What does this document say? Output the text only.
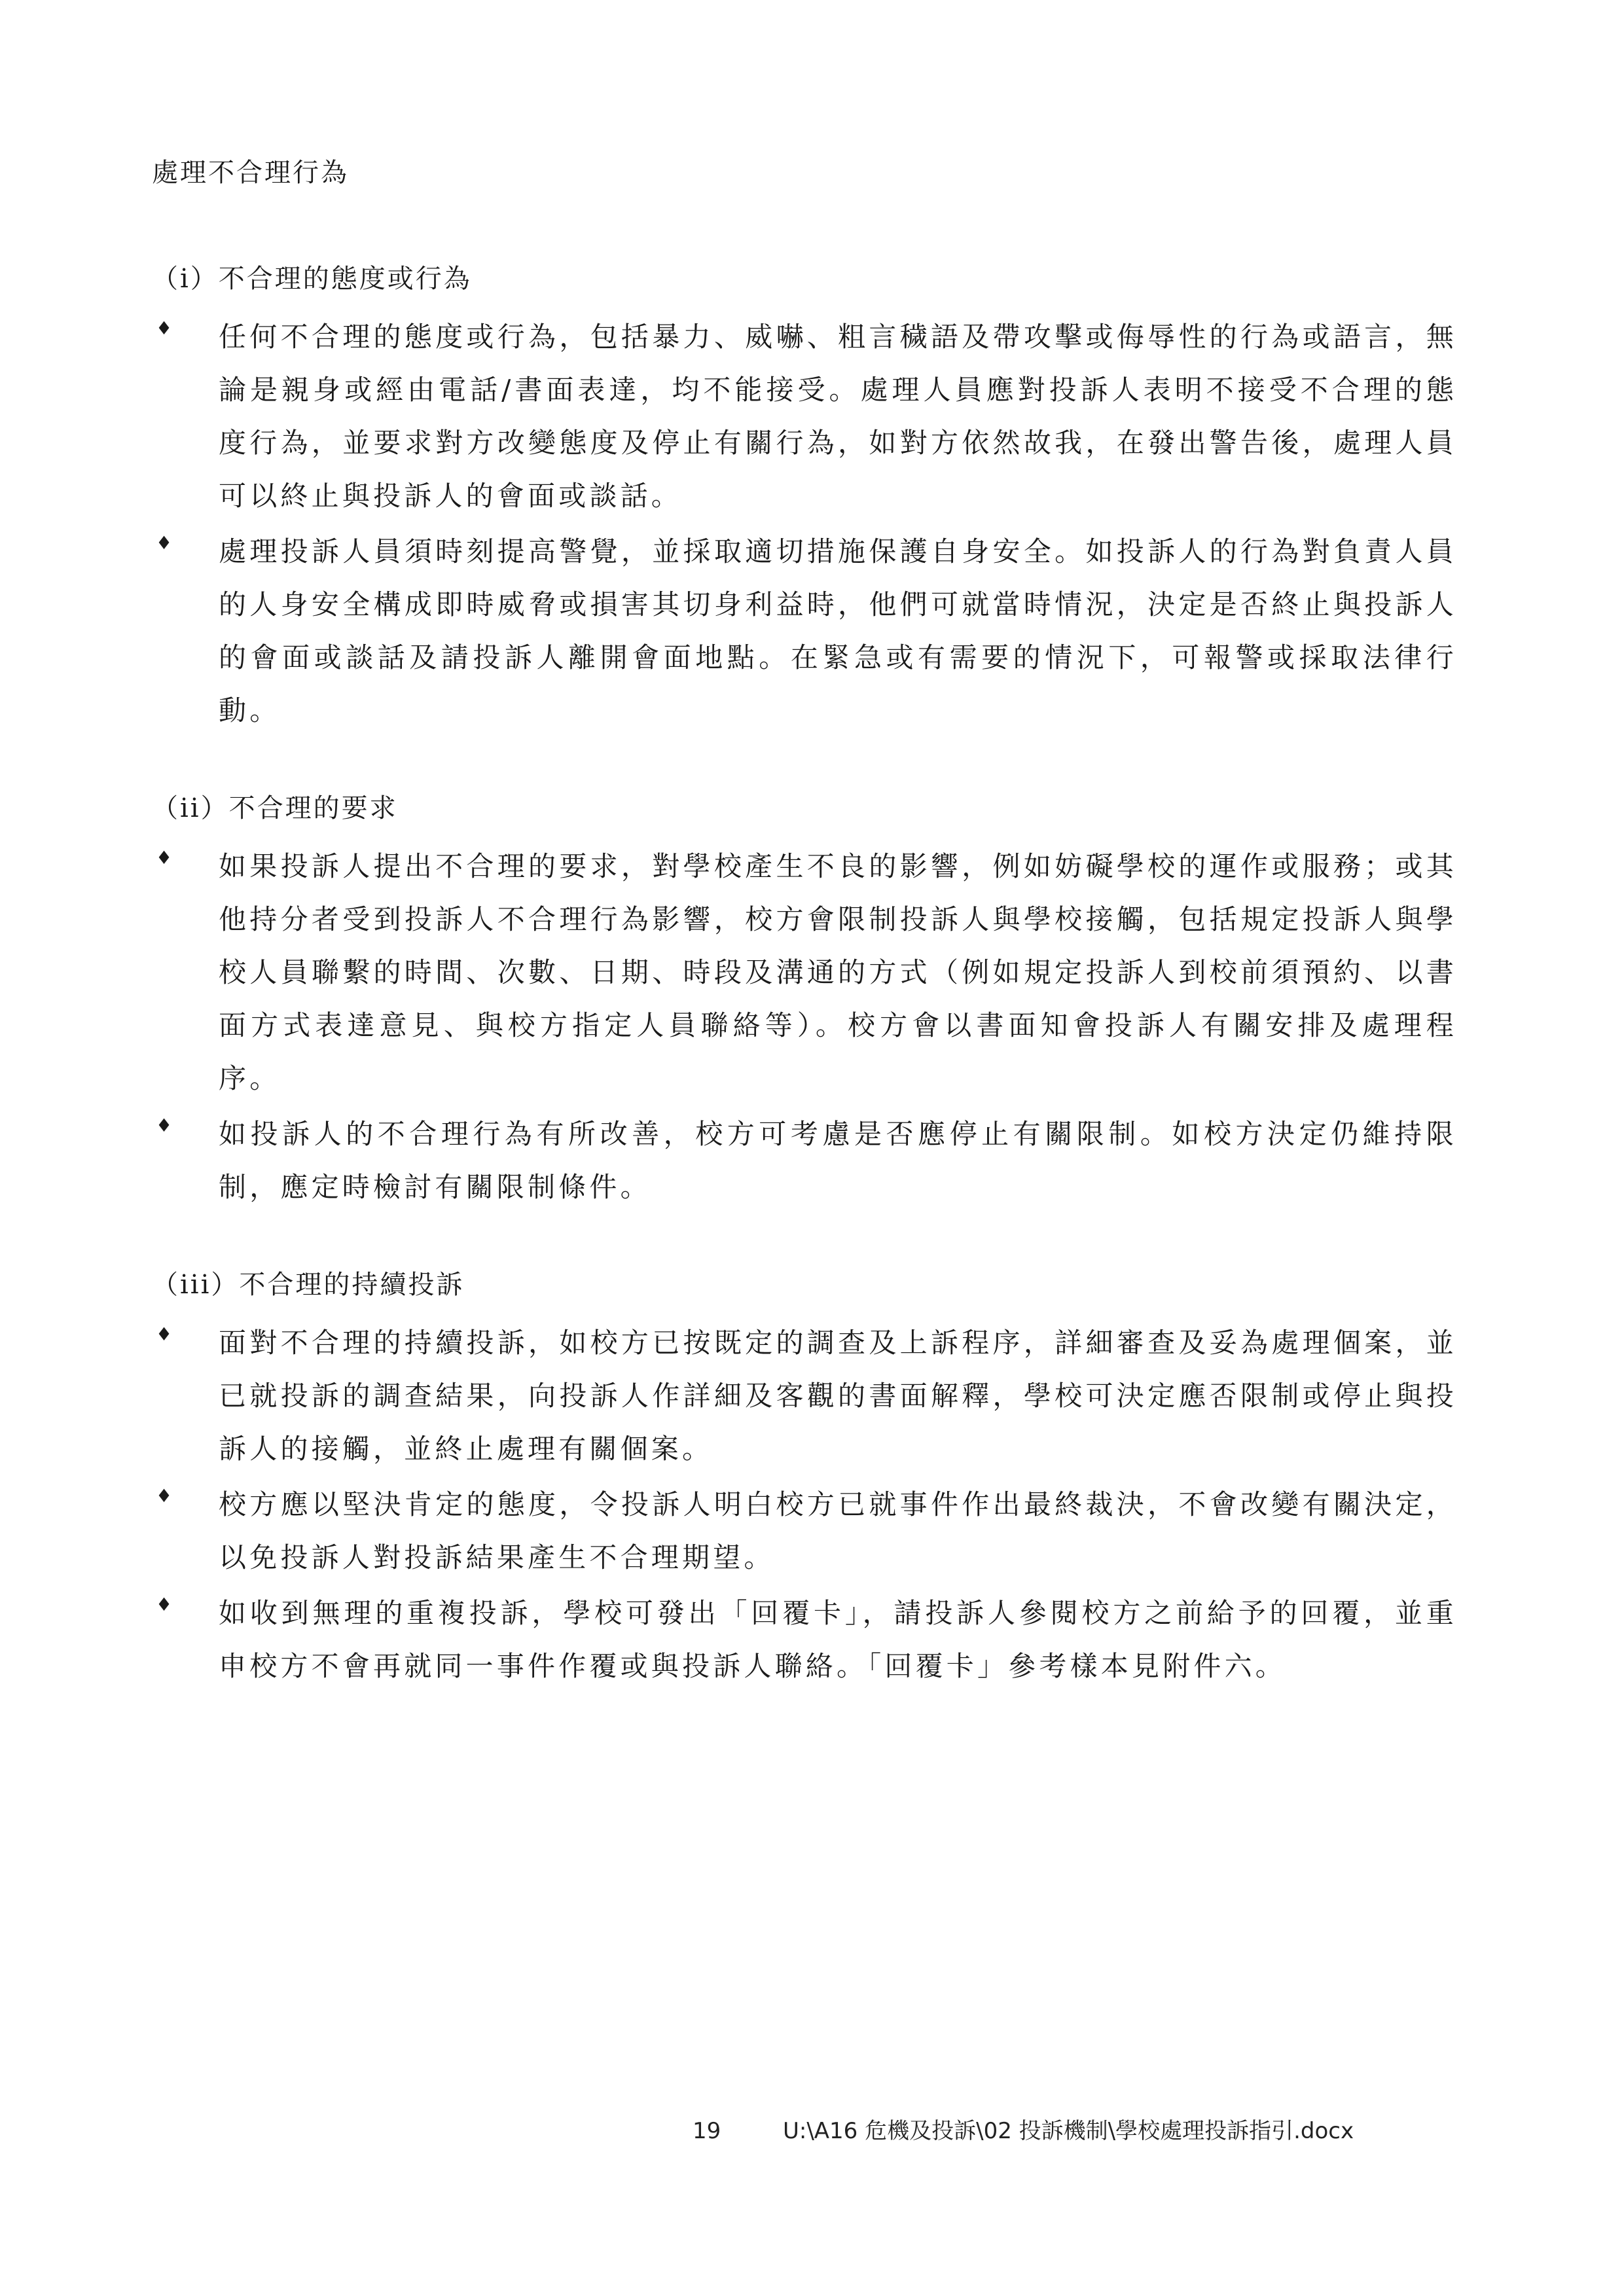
處理不合理行為
（i）不合理的態度或行為
♦ 任何不合理的態度或行為，包括暴力、威嚇、粗言穢語及帶攻擊或侮辱性的行為或語言，無論是親身或經由電話/書面表達，均不能接受。處理人員應對投訴人表明不接受不合理的態度行為，並要求對方改變態度及停止有關行為，如對方依然故我，在發出警告後，處理人員可以終止與投訴人的會面或談話。
♦ 處理投訴人員須時刻提高警覺，並採取適切措施保護自身安全。如投訴人的行為對負責人員的人身安全構成即時威脅或損害其切身利益時，他們可就當時情況，決定是否終止與投訴人的會面或談話及請投訴人離開會面地點。在緊急或有需要的情況下，可報警或採取法律行動。
（ii）不合理的要求
♦ 如果投訴人提出不合理的要求，對學校產生不良的影響，例如妨礙學校的運作或服務；或其他持分者受到投訴人不合理行為影響，校方會限制投訴人與學校接觸，包括規定投訴人與學校人員聯繫的時間、次數、日期、時段及溝通的方式（例如規定投訴人到校前須預約、以書面方式表達意見、與校方指定人員聯絡等）。校方會以書面知會投訴人有關安排及處理程序。
♦ 如投訴人的不合理行為有所改善，校方可考慮是否應停止有關限制。如校方決定仍維持限制，應定時檢討有關限制條件。
（iii）不合理的持續投訴
♦ 面對不合理的持續投訴，如校方已按既定的調查及上訴程序，詳細審查及妥為處理個案，並已就投訴的調查結果，向投訴人作詳細及客觀的書面解釋，學校可決定應否限制或停止與投訴人的接觸，並終止處理有關個案。
♦ 校方應以堅決肯定的態度，令投訴人明白校方已就事件作出最終裁決，不會改變有關決定，以免投訴人對投訴結果產生不合理期望。
♦ 如收到無理的重複投訴，學校可發出「回覆卡」，請投訴人參閱校方之前給予的回覆，並重申校方不會再就同一事件作覆或與投訴人聯絡。「回覆卡」參考樣本見附件六。
19	U:\A16 危機及投訴\02 投訴機制\學校處理投訴指引.docx
